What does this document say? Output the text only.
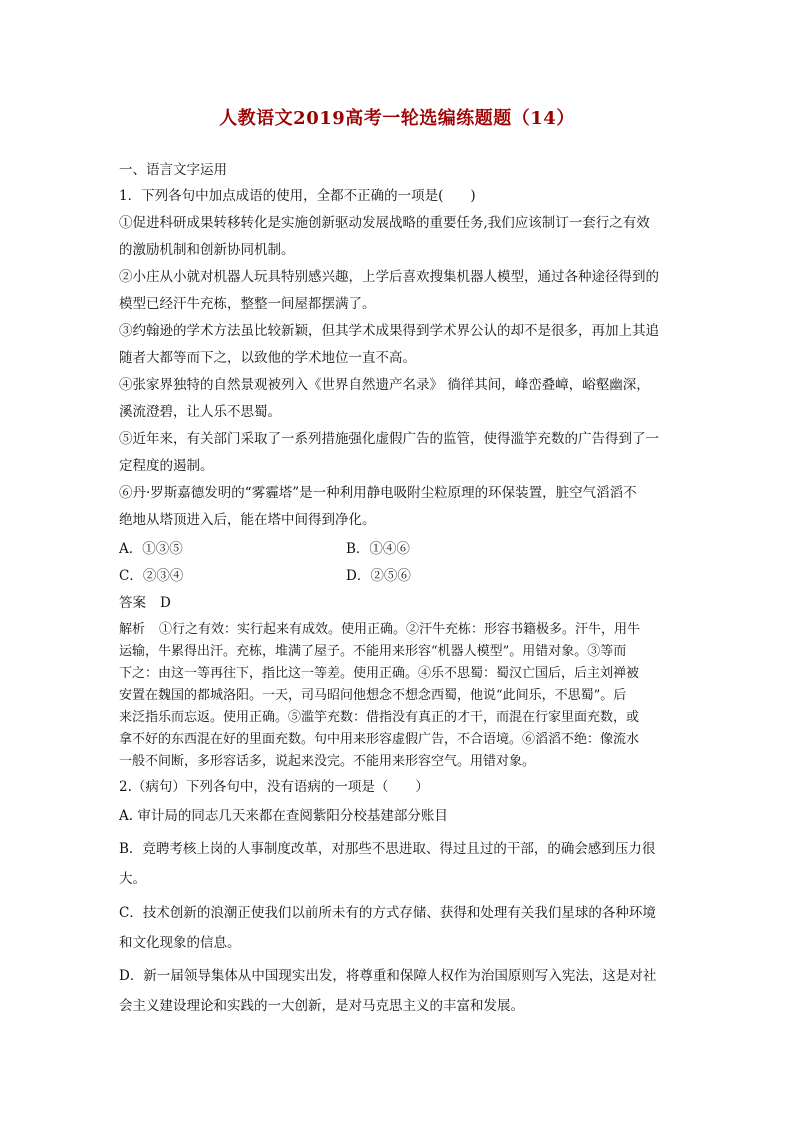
人教语文2019高考一轮选编练题题（14）
一、语言文字运用
1．下列各句中加点成语的使用，全都不正确的一项是(　　)
①促进科研成果转移转化是实施创新驱动发展战略的重要任务,我们应该制订一套行之有效
的激励机制和创新协同机制。
②小庄从小就对机器人玩具特别感兴趣，上学后喜欢搜集机器人模型，通过各种途径得到的
模型已经汗牛充栋，整整一间屋都摆满了。
③约翰逊的学术方法虽比较新颖，但其学术成果得到学术界公认的却不是很多，再加上其追
随者大都等而下之，以致他的学术地位一直不高。
④张家界独特的自然景观被列入《世界自然遗产名录》 徜徉其间，峰峦叠嶂，峪壑幽深，
溪流澄碧，让人乐不思蜀。
⑤近年来，有关部门采取了一系列措施强化虚假广告的监管，使得滥竽充数的广告得到了一
定程度的遏制。
⑥丹·罗斯嘉德发明的“雾霾塔”是一种利用静电吸附尘粒原理的环保装置，脏空气滔滔不
绝地从塔顶进入后，能在塔中间得到净化。
A．①③⑤	B．①④⑥
C．②③④	D．②⑤⑥
答案 D
解析 ①行之有效：实行起来有成效。使用正确。②汗牛充栋：形容书籍极多。汗牛，用牛
运输，牛累得出汗。充栋，堆满了屋子。不能用来形容“机器人模型”。用错对象。③等而
下之：由这一等再往下，指比这一等差。使用正确。④乐不思蜀：蜀汉亡国后，后主刘禅被
安置在魏国的都城洛阳。一天，司马昭问他想念不想念西蜀，他说“此间乐，不思蜀”。后
来泛指乐而忘返。使用正确。⑤滥竽充数：借指没有真正的才干，而混在行家里面充数，或
拿不好的东西混在好的里面充数。句中用来形容虚假广告，不合语境。⑥滔滔不绝：像流水
一般不间断，多形容话多，说起来没完。不能用来形容空气。用错对象。
2.（病句）下列各句中，没有语病的一项是（　　）
A. 审计局的同志几天来都在查阅紫阳分校基建部分账目
B．竞聘考核上岗的人事制度改革，对那些不思进取、得过且过的干部，的确会感到压力很
大。
C．技术创新的浪潮正使我们以前所未有的方式存储、获得和处理有关我们星球的各种环境
和文化现象的信息。
D．新一届领导集体从中国现实出发，将尊重和保障人权作为治国原则写入宪法，这是对社
会主义建设理论和实践的一大创新，是对马克思主义的丰富和发展。
